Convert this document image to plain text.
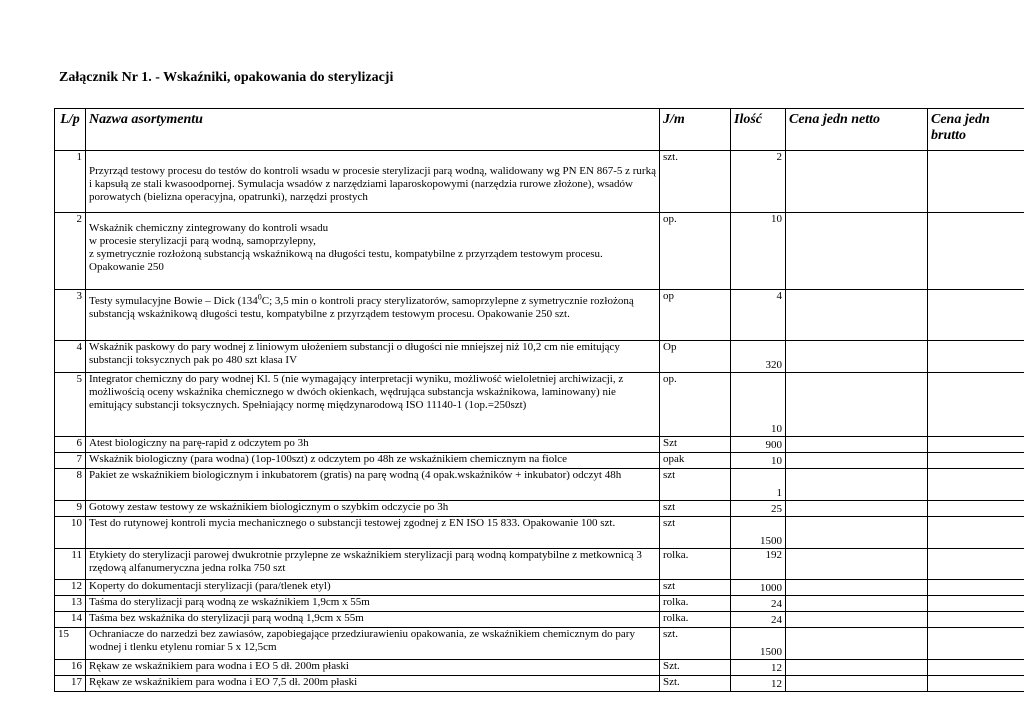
Załącznik Nr 1. - Wskaźniki, opakowania do sterylizacji
L/p	Nazwa asortymentu	J/m	Ilość	Cena jedn netto	Cena jedn brutto
1	Przyrząd testowy procesu do testów do kontroli wsadu w procesie sterylizacji parą wodną, walidowany wg PN EN 867-5 z rurką i kapsułą ze stali kwasoodpornej. Symulacja wsadów z narzędziami laparoskopowymi (narzędzia rurowe złożone), wsadów porowatych (bielizna operacyjna, opatrunki), narzędzi prostych	szt.	2		
2	Wskaźnik chemiczny zintegrowany do kontroli wsadu
w procesie sterylizacji parą wodną, samoprzylepny,
z symetrycznie rozłożoną substancją wskaźnikową na długości testu, kompatybilne z przyrządem testowym procesu. Opakowanie 250	op.	10		
3	Testy symulacyjne Bowie – Dick ($134^0C$; 3,5 min o kontroli pracy sterylizatorów, samoprzylepne z symetrycznie rozłożoną substancją wskaźnikową długości testu, kompatybilne z przyrządem testowym procesu. Opakowanie 250 szt.	op	4		
4	Wskaźnik paskowy do pary wodnej z liniowym ułożeniem substancji o długości nie mniejszej niż 10,2 cm nie emitujący substancji toksycznych pak po 480 szt klasa IV	Op	320		
5	Integrator chemiczny do pary wodnej Kl. 5 (nie wymagający interpretacji wyniku, możliwość wieloletniej archiwizacji, z możliwością oceny wskaźnika chemicznego w dwóch okienkach, wędrująca substancja wskaźnikowa, laminowany) nie emitujący substancji toksycznych. Spełniający normę międzynarodową ISO 11140-1 (1op.=250szt)	op.	10		
6	Atest biologiczny na parę-rapid z odczytem po 3h	Szt	900		
7	Wskaźnik biologiczny (para wodna) (1op-100szt) z odczytem po 48h ze wskaźnikiem chemicznym na fiolce	opak	10		
8	Pakiet ze wskaźnikiem biologicznym i inkubatorem (gratis) na parę wodną (4 opak.wskaźników + inkubator) odczyt 48h	szt	1		
9	Gotowy zestaw testowy ze wskaźnikiem biologicznym o szybkim odczycie po 3h	szt	25		
10	Test do rutynowej kontroli mycia mechanicznego o substancji testowej zgodnej z EN ISO 15 833. Opakowanie 100 szt.	szt	1500		
11	Etykiety do sterylizacji parowej dwukrotnie przylepne ze wskaźnikiem sterylizacji parą wodną kompatybilne z metkownicą 3 rzędową alfanumeryczna jedna rolka 750 szt	rolka.	192		
12	Koperty do dokumentacji sterylizacji (para/tlenek etyl)	szt	1000		
13	Taśma do sterylizacji parą wodną ze wskaźnikiem 1,9cm x 55m	rolka.	24		
14	Taśma bez wskaźnika do sterylizacji parą wodną 1,9cm x 55m	rolka.	24		
15	Ochraniacze do narzedzi bez zawiasów, zapobiegające przedziurawieniu opakowania, ze wskaźnikiem chemicznym do pary wodnej i tlenku etylenu romiar 5 x 12,5cm	szt.	1500		
16	Rękaw ze wskaźnikiem para wodna i EO 5 dł. 200m płaski	Szt.	12		
17	Rękaw ze wskaźnikiem para wodna i EO 7,5 dł. 200m płaski	Szt.	12		
